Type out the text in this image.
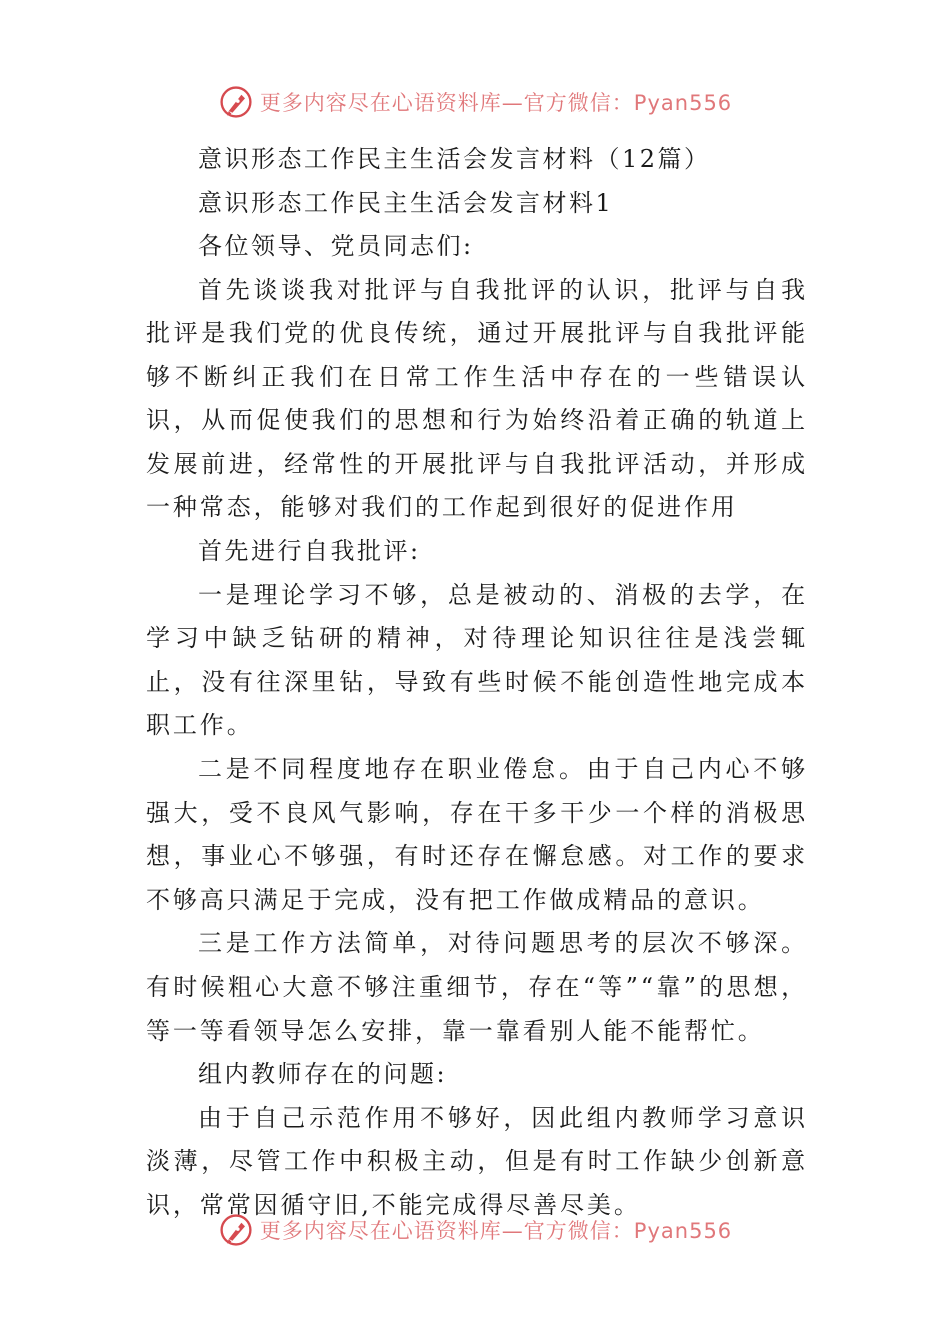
更多内容尽在心语资料库—官方微信：Pyan556

意识形态工作民主生活会发言材料（12篇）

意识形态工作民主生活会发言材料1

各位领导、党员同志们:

首先谈谈我对批评与自我批评的认识，批评与自我批评是我们党的优良传统，通过开展批评与自我批评能够不断纠正我们在日常工作生活中存在的一些错误认识，从而促使我们的思想和行为始终沿着正确的轨道上发展前进，经常性的开展批评与自我批评活动，并形成一种常态，能够对我们的工作起到很好的促进作用

首先进行自我批评:

一是理论学习不够，总是被动的、消极的去学，在学习中缺乏钻研的精神，对待理论知识往往是浅尝辄止，没有往深里钻，导致有些时候不能创造性地完成本职工作。

二是不同程度地存在职业倦怠。由于自己内心不够强大，受不良风气影响，存在干多干少一个样的消极思想，事业心不够强，有时还存在懈怠感。对工作的要求不够高只满足于完成，没有把工作做成精品的意识。

三是工作方法简单，对待问题思考的层次不够深。有时候粗心大意不够注重细节，存在“等”“靠”的思想，等一等看领导怎么安排，靠一靠看别人能不能帮忙。

组内教师存在的问题:

由于自己示范作用不够好，因此组内教师学习意识淡薄，尽管工作中积极主动，但是有时工作缺少创新意识，常常因循守旧,不能完成得尽善尽美。

更多内容尽在心语资料库—官方微信：Pyan556
